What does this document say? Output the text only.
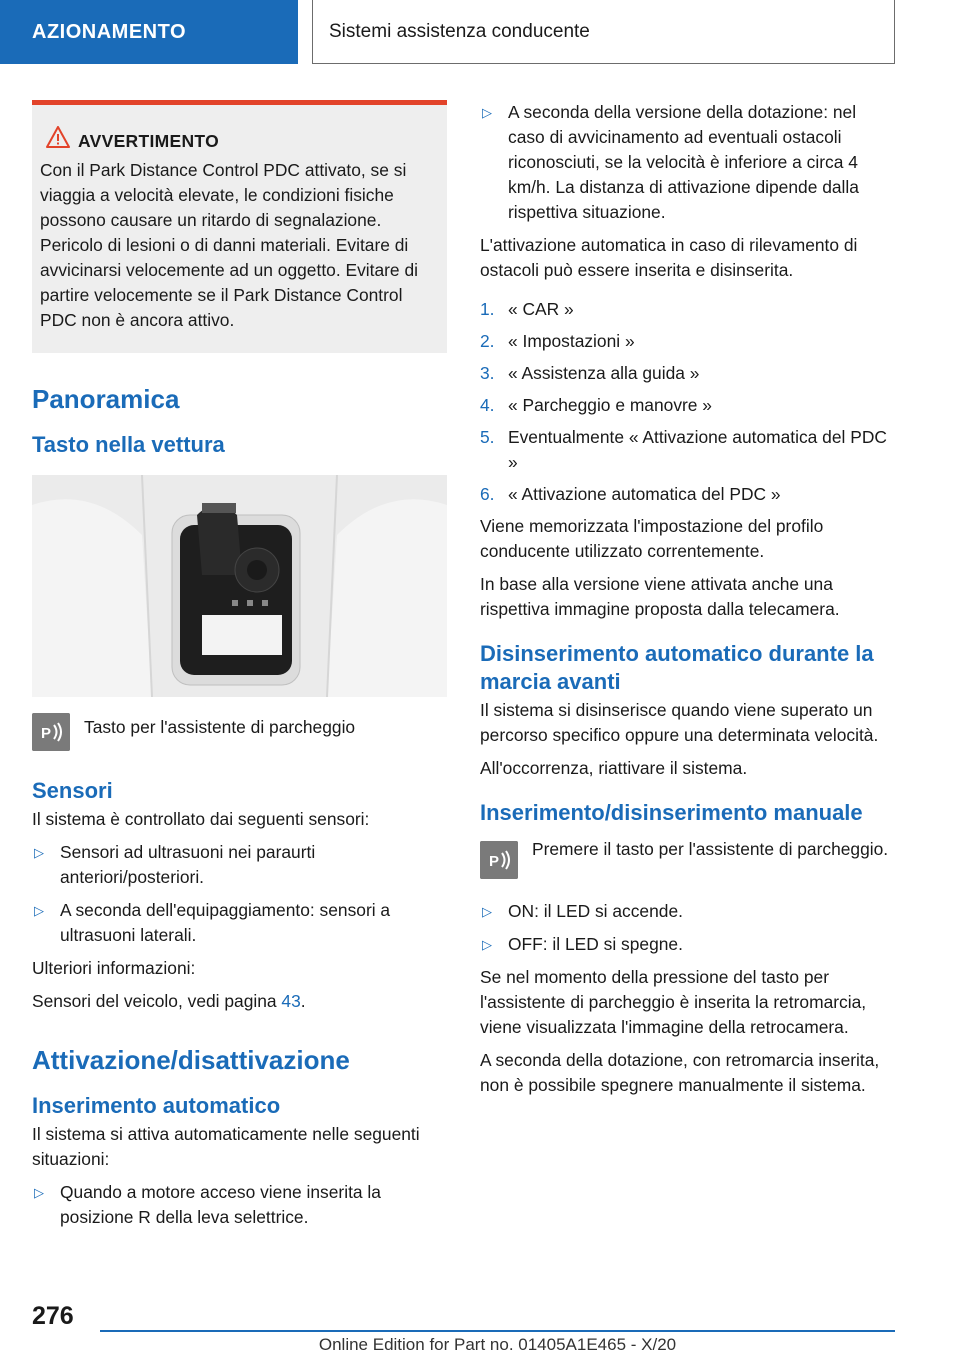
AZIONAMENTO	Sistemi assistenza conducente
AVVERTIMENTO

Con il Park Distance Control PDC attivato, se si viaggia a velocità elevate, le condizioni fisiche possono causare un ritardo di segnalazione. Pericolo di lesioni o di danni materiali. Evitare di avvicinarsi velocemente ad un oggetto. Evitare di partire velocemente se il Park Distance Control PDC non è ancora attivo.

Panoramica
Tasto nella vettura
P Tasto per l'assistente di parcheggio
Sensori

Il sistema è controllato dai seguenti sensori:

▷ Sensori ad ultrasuoni nei paraurti anteriori/posteriori.
▷ A seconda dell'equipaggiamento: sensori a ultrasuoni laterali.

Ulteriori informazioni:

Sensori del veicolo, vedi pagina 43.

Attivazione/disattivazione
Inserimento automatico

Il sistema si attiva automaticamente nelle seguenti situazioni:

▷ Quando a motore acceso viene inserita la posizione R della leva selettrice.
▷ A seconda della versione della dotazione: nel caso di avvicinamento ad eventuali ostacoli riconosciuti, se la velocità è inferiore a circa 4 km/h. La distanza di attivazione dipende dalla rispettiva situazione.

L'attivazione automatica in caso di rilevamento di ostacoli può essere inserita e disinserita.

1. « CAR »
2. « Impostazioni »
3. « Assistenza alla guida »
4. « Parcheggio e manovre »
5. Eventualmente « Attivazione automatica del PDC »
6. « Attivazione automatica del PDC »

Viene memorizzata l'impostazione del profilo conducente utilizzato correntemente.

In base alla versione viene attivata anche una rispettiva immagine proposta dalla telecamera.

Disinserimento automatico durante la marcia avanti

Il sistema si disinserisce quando viene superato un percorso specifico oppure una determinata velocità.

All'occorrenza, riattivare il sistema.

Inserimento/disinserimento manuale
P
Premere il tasto per l'assistente di parcheggio.
▷ ON: il LED si accende.
▷ OFF: il LED si spegne.

Se nel momento della pressione del tasto per l'assistente di parcheggio è inserita la retromarcia, viene visualizzata l'immagine della retrocamera.

A seconda della dotazione, con retromarcia inserita, non è possibile spegnere manualmente il sistema.

276
Online Edition for Part no. 01405A1E465 - X/20
